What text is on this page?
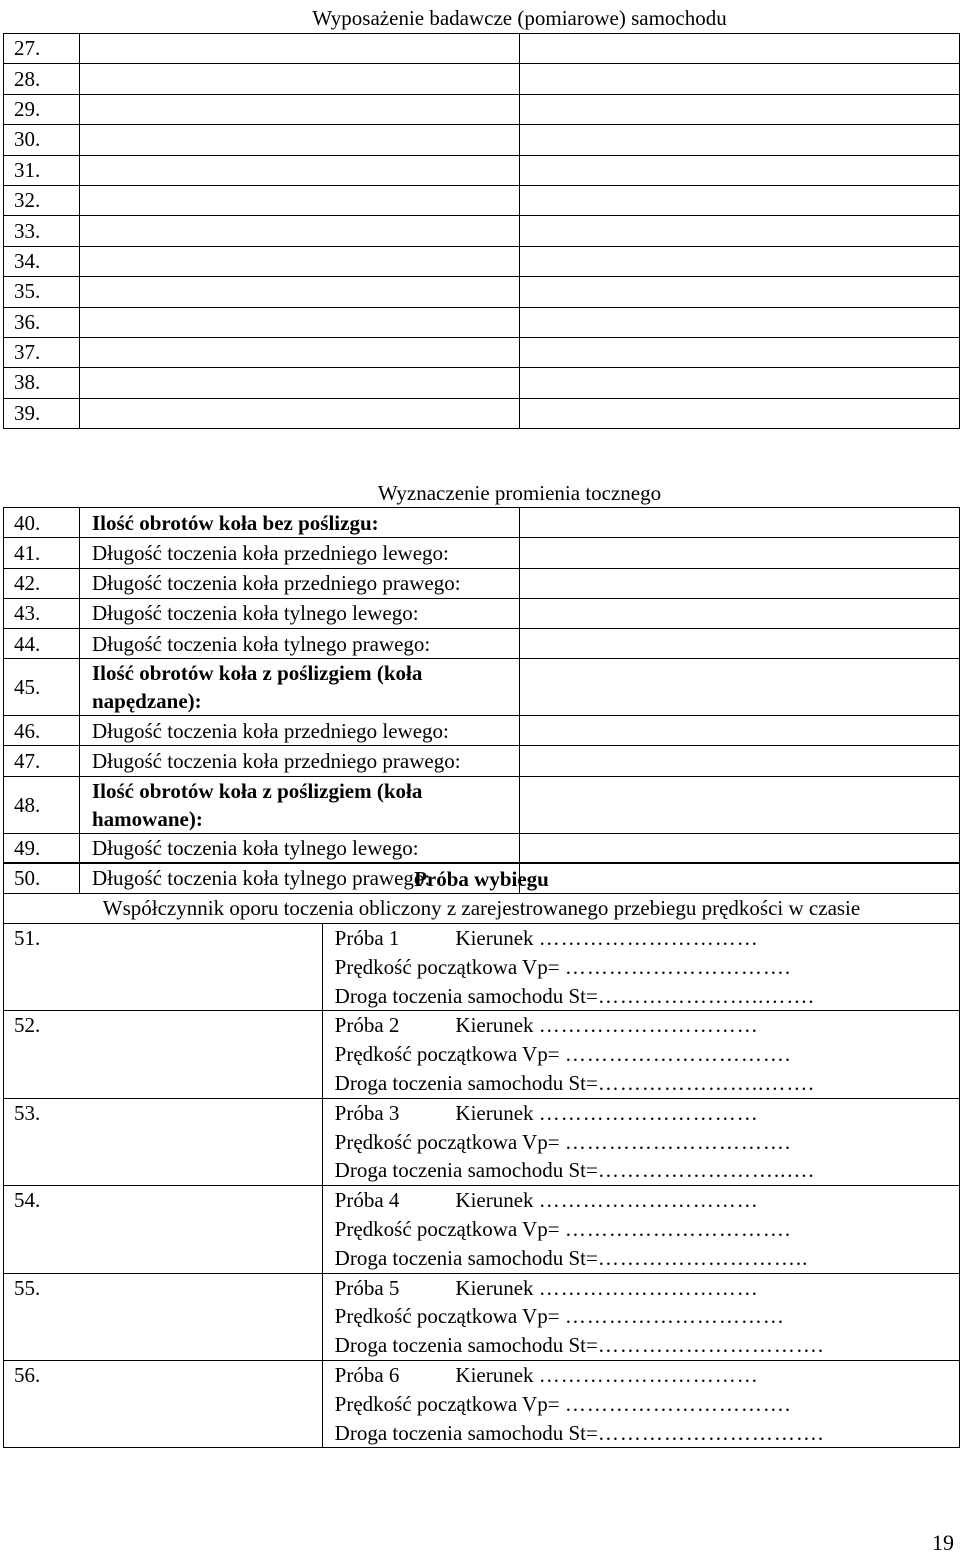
	Wyposażenie badawcze (pomiarowe) samochodu	
27.		
28.		
29.		
30.		
31.		
32.		
33.		
34.		
35.		
36.		
37.		
38.		
39.		
	Wyznaczenie promienia tocznego	
40.	Ilość obrotów koła bez poślizgu:	
41.	Długość toczenia koła przedniego lewego:	
42.	Długość toczenia koła przedniego prawego:	
43.	Długość toczenia koła tylnego lewego:	
44.	Długość toczenia koła tylnego prawego:	
45.	Ilość obrotów koła z poślizgiem (koła napędzane):	
46.	Długość toczenia koła przedniego lewego:	
47.	Długość toczenia koła przedniego prawego:	
48.	Ilość obrotów koła z poślizgiem (koła hamowane):	
49.	Długość toczenia koła tylnego lewego:	
50.	Długość toczenia koła tylnego prawego:	
Próba wybiegu	
Współczynnik oporu toczenia obliczony z zarejestrowanego przebiegu prędkości w czasie	
51.	Próba 1 Kierunek …………………………
Prędkość początkowa Vp= ………………………….
Droga toczenia samochodu St=…………………..…….

52.	Próba 2 Kierunek …………………………
Prędkość początkowa Vp= ………………………….
Droga toczenia samochodu St=…………………..…….

53.	Próba 3 Kierunek …………………………
Prędkość początkowa Vp= ………………………….
Droga toczenia samochodu St=……………………..….

54.	Próba 4 Kierunek …………………………
Prędkość początkowa Vp= ………………………….
Droga toczenia samochodu St=………………………..

55.	Próba 5 Kierunek …………………………
Prędkość początkowa Vp= …………………………
Droga toczenia samochodu St=………………………….

56.	Próba 6 Kierunek …………………………
Prędkość początkowa Vp= ………………………….
Droga toczenia samochodu St=………………………….
19
